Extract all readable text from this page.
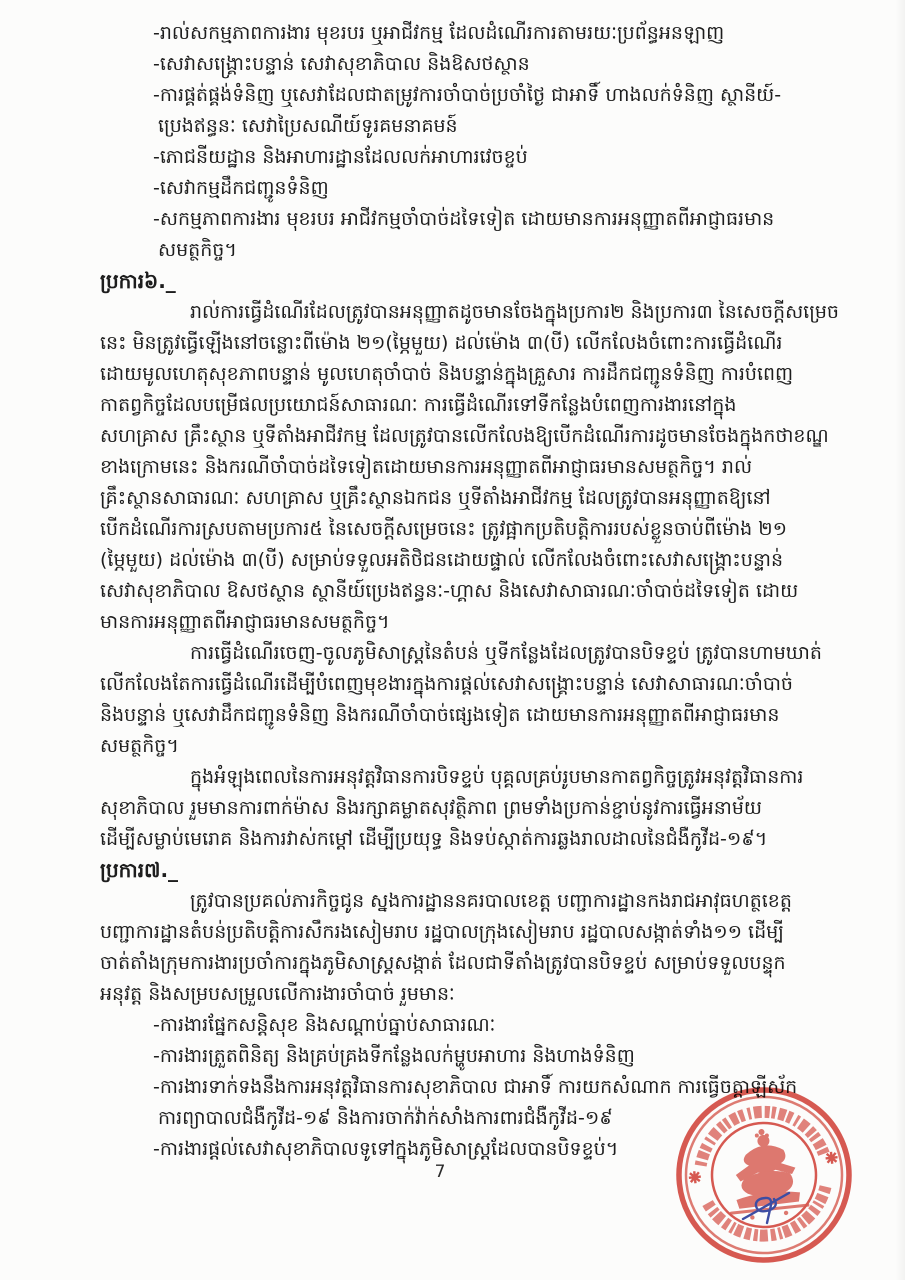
-រាល់សកម្មភាពការងារ មុខរបរ ឬអាជីវកម្ម ដែលដំណើរការតាមរយៈប្រព័ន្ធអនឡាញ
-សេវាសង្គ្រោះបន្ទាន់ សេវាសុខាភិបាល និងឱសថស្ថាន
-ការផ្គត់ផ្គង់ទំនិញ ឬសេវាដែលជាតម្រូវការចាំបាច់ប្រចាំថ្ងៃ ជាអាទិ៍ ហាងលក់ទំនិញ ស្ថានីយ៍-
ប្រេងឥន្ធនៈ សេវាប្រៃសណីយ៍ទូរគមនាគមន៍
-ភោជនីយដ្ឋាន និងអាហារដ្ឋានដែលលក់អាហារវេចខ្ចប់
-សេវាកម្មដឹកជញ្ជូនទំនិញ
-សកម្មភាពការងារ មុខរបរ អាជីវកម្មចាំបាច់ដទៃទៀត ដោយមានការអនុញ្ញាតពីអាជ្ញាធរមាន
សមត្ថកិច្ច។
ប្រការ៦._
រាល់ការធ្វើដំណើរដែលត្រូវបានអនុញ្ញាតដូចមានចែងក្នុងប្រការ២ និងប្រការ៣ នៃសេចក្តីសម្រេច
នេះ មិនត្រូវធ្វើឡើងនៅចន្លោះពីម៉ោង ២១(ម្ភៃមួយ) ដល់ម៉ោង ៣(បី) លើកលែងចំពោះការធ្វើដំណើរ
ដោយមូលហេតុសុខភាពបន្ទាន់ មូលហេតុចាំបាច់ និងបន្ទាន់ក្នុងគ្រួសារ ការដឹកជញ្ជូនទំនិញ ការបំពេញ
កាតព្វកិច្ចដែលបម្រើផលប្រយោជន៍សាធារណៈ ការធ្វើដំណើរទៅទីកន្លែងបំពេញការងារនៅក្នុង
សហគ្រាស គ្រឹះស្ថាន ឬទីតាំងអាជីវកម្ម ដែលត្រូវបានលើកលែងឱ្យបើកដំណើរការដូចមានចែងក្នុងកថាខណ្ឌ
ខាងក្រោមនេះ និងករណីចាំបាច់ដទៃទៀតដោយមានការអនុញ្ញាតពីអាជ្ញាធរមានសមត្ថកិច្ច។ រាល់
គ្រឹះស្ថានសាធារណៈ សហគ្រាស ឬគ្រឹះស្ថានឯកជន ឬទីតាំងអាជីវកម្ម ដែលត្រូវបានអនុញ្ញាតឱ្យនៅ
បើកដំណើរការស្របតាមប្រការ៥ នៃសេចក្តីសម្រេចនេះ ត្រូវផ្អាកប្រតិបត្តិការរបស់ខ្លួនចាប់ពីម៉ោង ២១
(ម្ភៃមួយ) ដល់ម៉ោង ៣(បី) សម្រាប់ទទួលអតិថិជនដោយផ្ទាល់ លើកលែងចំពោះសេវាសង្គ្រោះបន្ទាន់
សេវាសុខាភិបាល ឱសថស្ថាន ស្ថានីយ៍ប្រេងឥន្ធនៈ-ហ្គាស និងសេវាសាធារណៈចាំបាច់ដទៃទៀត ដោយ
មានការអនុញ្ញាតពីអាជ្ញាធរមានសមត្ថកិច្ច។
ការធ្វើដំណើរចេញ-ចូលភូមិសាស្ត្រនៃតំបន់ ឬទីកន្លែងដែលត្រូវបានបិទខ្ទប់ ត្រូវបានហាមឃាត់
លើកលែងតែការធ្វើដំណើរដើម្បីបំពេញមុខងារក្នុងការផ្តល់សេវាសង្គ្រោះបន្ទាន់ សេវាសាធារណៈចាំបាច់
និងបន្ទាន់ ឬសេវាដឹកជញ្ជូនទំនិញ និងករណីចាំបាច់ផ្សេងទៀត ដោយមានការអនុញ្ញាតពីអាជ្ញាធរមាន
សមត្ថកិច្ច។
ក្នុងអំឡុងពេលនៃការអនុវត្តវិធានការបិទខ្ទប់ បុគ្គលគ្រប់រូបមានកាតព្វកិច្ចត្រូវអនុវត្តវិធានការ
សុខាភិបាល រួមមានការពាក់ម៉ាស និងរក្សាគម្លាតសុវត្ថិភាព ព្រមទាំងប្រកាន់ខ្ជាប់នូវការធ្វើអនាម័យ
ដើម្បីសម្លាប់មេរោគ និងការវាស់កម្តៅ ដើម្បីប្រយុទ្ធ និងទប់ស្កាត់ការឆ្លងរាលដាលនៃជំងឺកូវីដ-១៩។
ប្រការ៧._
ត្រូវបានប្រគល់ភារកិច្ចជូន ស្នងការដ្ឋាននគរបាលខេត្ត បញ្ជាការដ្ឋានកងរាជអាវុធហត្ថខេត្ត
បញ្ជាការដ្ឋានតំបន់ប្រតិបត្តិការសឹករងសៀមរាប រដ្ឋបាលក្រុងសៀមរាប រដ្ឋបាលសង្កាត់ទាំង១១ ដើម្បី
ចាត់តាំងក្រុមការងារប្រចាំការក្នុងភូមិសាស្ត្រសង្កាត់ ដែលជាទីតាំងត្រូវបានបិទខ្ទប់ សម្រាប់ទទួលបន្ទុក
អនុវត្ត និងសម្របសម្រួលលើការងារចាំបាច់ រួមមានៈ
-ការងារផ្នែកសន្តិសុខ និងសណ្តាប់ធ្នាប់សាធារណៈ
-ការងារត្រួតពិនិត្យ និងគ្រប់គ្រងទីកន្លែងលក់ម្ហូបអាហារ និងហាងទំនិញ
-ការងារទាក់ទងនឹងការអនុវត្តវិធានការសុខាភិបាល ជាអាទិ៍ ការយកសំណាក ការធ្វើចត្តាឡីស័ក
ការព្យាបាលជំងឺកូវីដ-១៩ និងការចាក់វ៉ាក់សាំងការពារជំងឺកូវីដ-១៩
-ការងារផ្តល់សេវាសុខាភិបាលទូទៅក្នុងភូមិសាស្ត្រដែលបានបិទខ្ទប់។
7
